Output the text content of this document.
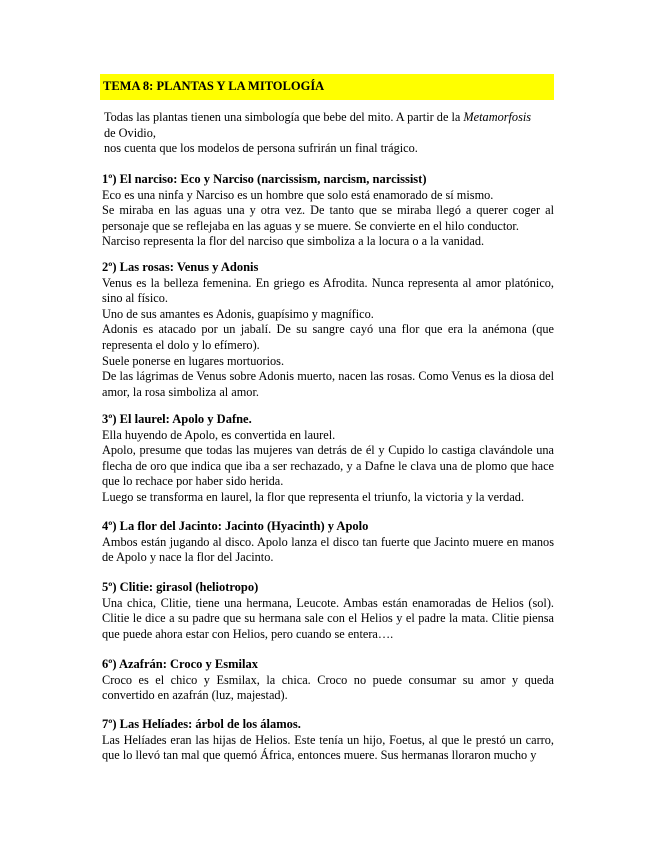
TEMA 8: PLANTAS Y LA MITOLOGÍA

Todas las plantas tienen una simbología que bebe del mito. A partir de la Metamorfosis
de Ovidio,

nos cuenta que los modelos de persona sufrirán un final trágico.

1º) El narciso: Eco y Narciso (narcissism, narcism, narcissist)

Eco es una ninfa y Narciso es un hombre que solo está enamorado de sí mismo.

Se miraba en las aguas una y otra vez. De tanto que se miraba llegó a querer coger al personaje que se reflejaba en las aguas y se muere. Se convierte en el hilo conductor.

Narciso representa la flor del narciso que simboliza a la locura o a la vanidad.

2º) Las rosas: Venus y Adonis

Venus es la belleza femenina. En griego es Afrodita. Nunca representa al amor platónico, sino al físico.

Uno de sus amantes es Adonis, guapísimo y magnífico.

Adonis es atacado por un jabalí. De su sangre cayó una flor que era la anémona (que representa el dolo y lo efímero).

Suele ponerse en lugares mortuorios.

De las lágrimas de Venus sobre Adonis muerto, nacen las rosas. Como Venus es la diosa del amor, la rosa simboliza al amor.

3º) El laurel: Apolo y Dafne.

Ella huyendo de Apolo, es convertida en laurel.

Apolo, presume que todas las mujeres van detrás de él y Cupido lo castiga clavándole una flecha de oro que indica que iba a ser rechazado, y a Dafne le clava una de plomo que hace que lo rechace por haber sido herida.

Luego se transforma en laurel, la flor que representa el triunfo, la victoria y la verdad.

4º) La flor del Jacinto: Jacinto (Hyacinth) y Apolo

Ambos están jugando al disco. Apolo lanza el disco tan fuerte que Jacinto muere en manos de Apolo y nace la flor del Jacinto.

5º) Clitie: girasol (heliotropo)

Una chica, Clitie, tiene una hermana, Leucote. Ambas están enamoradas de Helios (sol). Clitie le dice a su padre que su hermana sale con el Helios y el padre la mata. Clitie piensa que puede ahora estar con Helios, pero cuando se entera….

6º) Azafrán: Croco y Esmilax

Croco es el chico y Esmilax, la chica. Croco no puede consumar su amor y queda convertido en azafrán (luz, majestad).

7º) Las Helíades: árbol de los álamos.

Las Helíades eran las hijas de Helios. Este tenía un hijo, Foetus, al que le prestó un carro, que lo llevó tan mal que quemó África, entonces muere. Sus hermanas lloraron mucho y
